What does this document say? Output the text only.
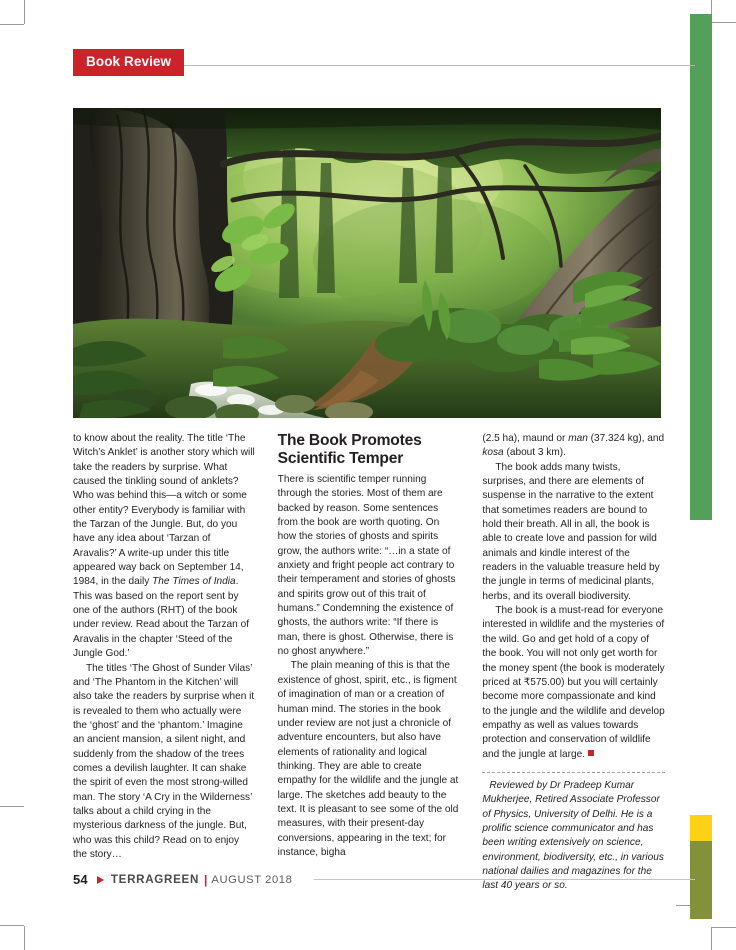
Book Review

to know about the reality. The title ‘The Witch’s Anklet’ is another story which will take the readers by surprise. What caused the tinkling sound of anklets? Who was behind this—a witch or some other entity? Everybody is familiar with the Tarzan of the Jungle. But, do you have any idea about ‘Tarzan of Aravalis?’ A write-up under this title appeared way back on September 14, 1984, in the daily The Times of India. This was based on the report sent by one of the authors (RHT) of the book under review. Read about the Tarzan of Aravalis in the chapter ‘Steed of the Jungle God.’

The titles ‘The Ghost of Sunder Vilas’ and ‘The Phantom in the Kitchen’ will also take the readers by surprise when it is revealed to them who actually were the ‘ghost’ and the ‘phantom.’ Imagine an ancient mansion, a silent night, and suddenly from the shadow of the trees comes a devilish laughter. It can shake the spirit of even the most strong-willed man. The story ‘A Cry in the Wilderness’ talks about a child crying in the mysterious darkness of the jungle. But, who was this child? Read on to enjoy the story…

The Book Promotes Scientific Temper

There is scientific temper running through the stories. Most of them are backed by reason. Some sentences from the book are worth quoting. On how the stories of ghosts and spirits grow, the authors write: “…in a state of anxiety and fright people act contrary to their temperament and stories of ghosts and spirits grow out of this trait of humans.” Condemning the existence of ghosts, the authors write: “If there is man, there is ghost. Otherwise, there is no ghost anywhere.”

The plain meaning of this is that the existence of ghost, spirit, etc., is figment of imagination of man or a creation of human mind. The stories in the book under review are not just a chronicle of adventure encounters, but also have elements of rationality and logical thinking. They are able to create empathy for the wildlife and the jungle at large. The sketches add beauty to the text. It is pleasant to see some of the old measures, with their present-day conversions, appearing in the text; for instance, bigha

(2.5 ha), maund or man (37.324 kg), and kosa (about 3 km).

The book adds many twists, surprises, and there are elements of suspense in the narrative to the extent that sometimes readers are bound to hold their breath. All in all, the book is able to create love and passion for wild animals and kindle interest of the readers in the valuable treasure held by the jungle in terms of medicinal plants, herbs, and its overall biodiversity.

The book is a must-read for everyone interested in wildlife and the mysteries of the wild. Go and get hold of a copy of the book. You will not only get worth for the money spent (the book is moderately priced at ₹575.00) but you will certainly become more compassionate and kind to the jungle and the wildlife and develop empathy as well as values towards protection and conservation of wildlife and the jungle at large.

Reviewed by Dr Pradeep Kumar Mukherjee, Retired Associate Professor of Physics, University of Delhi. He is a prolific science communicator and has been writing extensively on science, environment, biodiversity, etc., in various national dailies and magazines for the last 40 years or so.

54 TERRAGREEN | AUGUST 2018
